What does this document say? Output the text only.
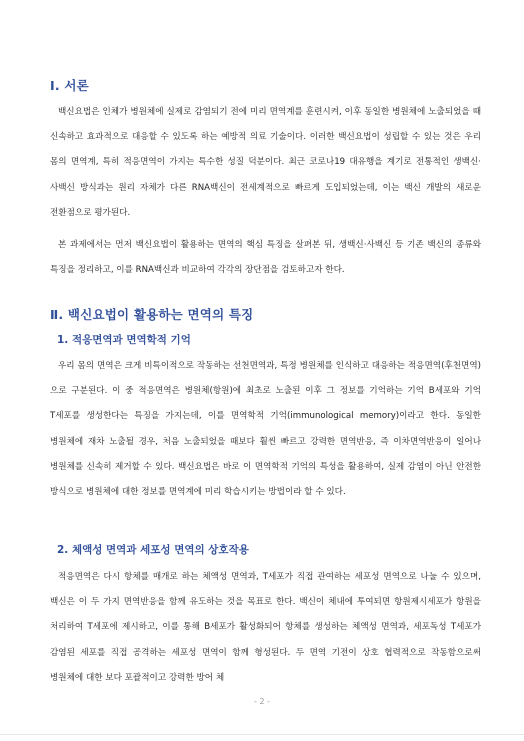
Ⅰ. 서론

백신요법은 인체가 병원체에 실제로 감염되기 전에 미리 면역계를 훈련시켜, 이후 동일한 병원체에 노출되었을 때 신속하고 효과적으로 대응할 수 있도록 하는 예방적 의료 기술이다. 이러한 백신요법이 성립할 수 있는 것은 우리 몸의 면역계, 특히 적응면역이 가지는 특수한 성질 덕분이다. 최근 코로나19 대유행을 계기로 전통적인 생백신·사백신 방식과는 원리 자체가 다른 RNA백신이 전세계적으로 빠르게 도입되었는데, 이는 백신 개발의 새로운 전환점으로 평가된다.

본 과제에서는 먼저 백신요법이 활용하는 면역의 핵심 특징을 살펴본 뒤, 생백신·사백신 등 기존 백신의 종류와 특징을 정리하고, 이를 RNA백신과 비교하여 각각의 장단점을 검토하고자 한다.

Ⅱ. 백신요법이 활용하는 면역의 특징
1. 적응면역과 면역학적 기억

우리 몸의 면역은 크게 비특이적으로 작동하는 선천면역과, 특정 병원체를 인식하고 대응하는 적응면역(후천면역)으로 구분된다. 이 중 적응면역은 병원체(항원)에 최초로 노출된 이후 그 정보를 기억하는 기억 B세포와 기억 T세포를 생성한다는 특징을 가지는데, 이를 면역학적 기억(immunological memory)이라고 한다. 동일한 병원체에 재차 노출될 경우, 처음 노출되었을 때보다 훨씬 빠르고 강력한 면역반응, 즉 이차면역반응이 일어나 병원체를 신속히 제거할 수 있다. 백신요법은 바로 이 면역학적 기억의 특성을 활용하여, 실제 감염이 아닌 안전한 방식으로 병원체에 대한 정보를 면역계에 미리 학습시키는 방법이라 할 수 있다.

2. 체액성 면역과 세포성 면역의 상호작용

적응면역은 다시 항체를 매개로 하는 체액성 면역과, T세포가 직접 관여하는 세포성 면역으로 나눌 수 있으며, 백신은 이 두 가지 면역반응을 함께 유도하는 것을 목표로 한다. 백신이 체내에 투여되면 항원제시세포가 항원을 처리하여 T세포에 제시하고, 이를 통해 B세포가 활성화되어 항체를 생성하는 체액성 면역과, 세포독성 T세포가 감염된 세포를 직접 공격하는 세포성 면역이 함께 형성된다. 두 면역 기전이 상호 협력적으로 작동함으로써 병원체에 대한 보다 포괄적이고 강력한 방어 체

- 2 -
